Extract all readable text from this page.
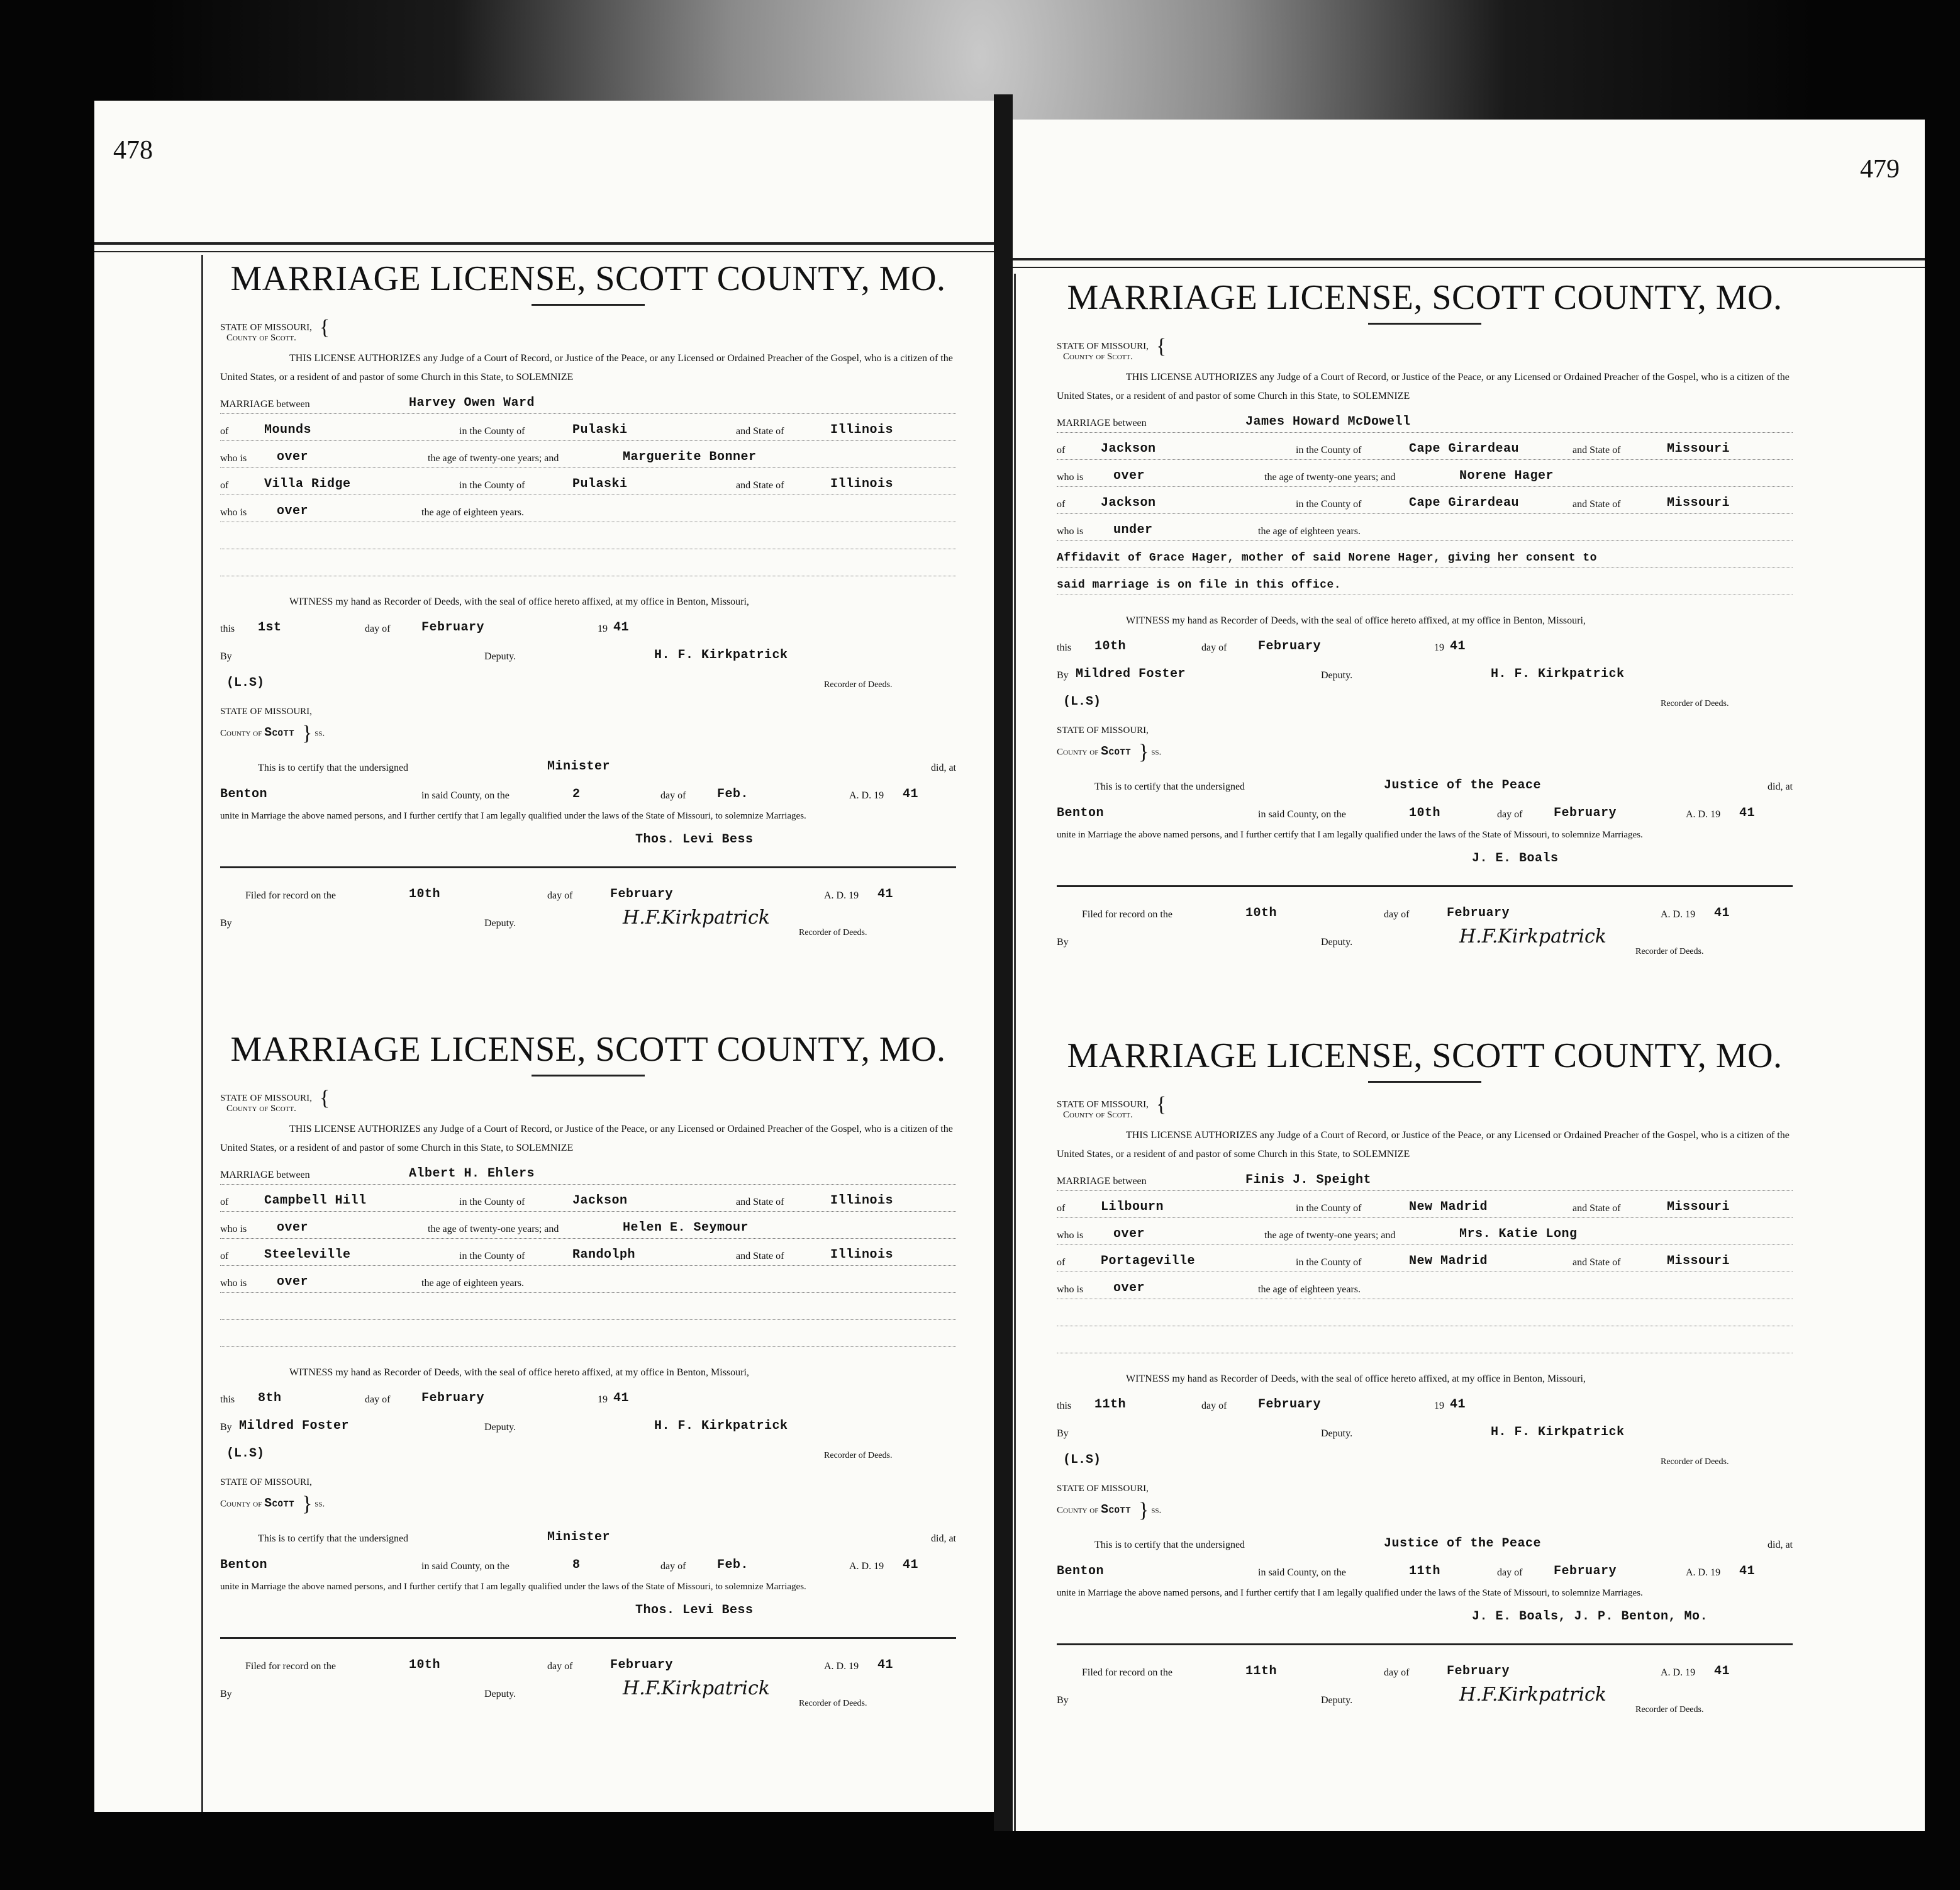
478
MARRIAGE LICENSE, SCOTT COUNTY, MO.
STATE OF MISSOURI, {
County of Scott.

THIS LICENSE AUTHORIZES any Judge of a Court of Record, or Justice of the Peace, or any Licensed or Ordained Preacher of the Gospel, who is a citizen of the United States, or a resident of and pastor of some Church in this State, to SOLEMNIZE

MARRIAGE between	Harvey Owen Ward
of	Mounds	in the County of	Pulaski	and State of	Illinois
who is over	the age of twenty-one years; and	Marguerite Bonner
of	Villa Ridge	in the County of	Pulaski	and State of	Illinois
who is over	the age of eighteen years.

WITNESS my hand as Recorder of Deeds, with the seal of office hereto affixed, at my office in Benton, Missouri,

this 1st	day of February	19 41
By	Deputy.	H. F. Kirkpatrick
(L.S)	Recorder of Deeds.
STATE OF MISSOURI,
County of Scott } ss.
This is to certify that the undersigned	Minister	did, at
Benton	in said County, on the	2	day of Feb.	A. D. 19 41

unite in Marriage the above named persons, and I further certify that I am legally qualified under the laws of the State of Missouri, to solemnize Marriages.

Thos. Levi Bess
Filed for record on the	10th	day of	February	A. D. 19 41
By	Deputy.	H.F.Kirkpatrick
Recorder of Deeds.
MARRIAGE LICENSE, SCOTT COUNTY, MO.
STATE OF MISSOURI, {
County of Scott.

THIS LICENSE AUTHORIZES any Judge of a Court of Record, or Justice of the Peace, or any Licensed or Ordained Preacher of the Gospel, who is a citizen of the United States, or a resident of and pastor of some Church in this State, to SOLEMNIZE

MARRIAGE between	Albert H. Ehlers
of	Campbell Hill	in the County of	Jackson	and State of	Illinois
who is over	the age of twenty-one years; and	Helen E. Seymour
of	Steeleville	in the County of	Randolph	and State of	Illinois
who is over	the age of eighteen years.

WITNESS my hand as Recorder of Deeds, with the seal of office hereto affixed, at my office in Benton, Missouri,

this 8th	day of February	19 41
By Mildred Foster	Deputy.	H. F. Kirkpatrick
(L.S)	Recorder of Deeds.
STATE OF MISSOURI,
County of Scott } ss.
This is to certify that the undersigned	Minister	did, at
Benton	in said County, on the	8	day of Feb.	A. D. 19 41

unite in Marriage the above named persons, and I further certify that I am legally qualified under the laws of the State of Missouri, to solemnize Marriages.

Thos. Levi Bess
Filed for record on the	10th	day of	February	A. D. 19 41
By	Deputy.	H.F.Kirkpatrick
Recorder of Deeds.
479
MARRIAGE LICENSE, SCOTT COUNTY, MO.
STATE OF MISSOURI, {
County of Scott.

THIS LICENSE AUTHORIZES any Judge of a Court of Record, or Justice of the Peace, or any Licensed or Ordained Preacher of the Gospel, who is a citizen of the United States, or a resident of and pastor of some Church in this State, to SOLEMNIZE

MARRIAGE between	James Howard McDowell
of	Jackson	in the County of	Cape Girardeau	and State of	Missouri
who is over	the age of twenty-one years; and	Norene Hager
of	Jackson	in the County of	Cape Girardeau	and State of	Missouri
who is under	the age of eighteen years.
Affidavit of Grace Hager, mother of said Norene Hager, giving her consent to
said marriage is on file in this office.

WITNESS my hand as Recorder of Deeds, with the seal of office hereto affixed, at my office in Benton, Missouri,

this 10th	day of February	19 41
By Mildred Foster	Deputy.	H. F. Kirkpatrick
(L.S)	Recorder of Deeds.
STATE OF MISSOURI,
County of Scott } ss.
This is to certify that the undersigned	Justice of the Peace	did, at
Benton	in said County, on the	10th	day of February	A. D. 19 41

unite in Marriage the above named persons, and I further certify that I am legally qualified under the laws of the State of Missouri, to solemnize Marriages.

J. E. Boals
Filed for record on the	10th	day of	February	A. D. 19 41
By	Deputy.	H.F.Kirkpatrick
Recorder of Deeds.
MARRIAGE LICENSE, SCOTT COUNTY, MO.
STATE OF MISSOURI, {
County of Scott.

THIS LICENSE AUTHORIZES any Judge of a Court of Record, or Justice of the Peace, or any Licensed or Ordained Preacher of the Gospel, who is a citizen of the United States, or a resident of and pastor of some Church in this State, to SOLEMNIZE

MARRIAGE between	Finis J. Speight
of	Lilbourn	in the County of	New Madrid	and State of	Missouri
who is over	the age of twenty-one years; and	Mrs. Katie Long
of	Portageville	in the County of	New Madrid	and State of	Missouri
who is over	the age of eighteen years.

WITNESS my hand as Recorder of Deeds, with the seal of office hereto affixed, at my office in Benton, Missouri,

this 11th	day of February	19 41
By	Deputy.	H. F. Kirkpatrick
(L.S)	Recorder of Deeds.
STATE OF MISSOURI,
County of Scott } ss.
This is to certify that the undersigned	Justice of the Peace	did, at
Benton	in said County, on the	11th	day of February	A. D. 19 41

unite in Marriage the above named persons, and I further certify that I am legally qualified under the laws of the State of Missouri, to solemnize Marriages.

J. E. Boals, J. P. Benton, Mo.
Filed for record on the	11th	day of	February	A. D. 19 41
By	Deputy.	H.F.Kirkpatrick
Recorder of Deeds.
